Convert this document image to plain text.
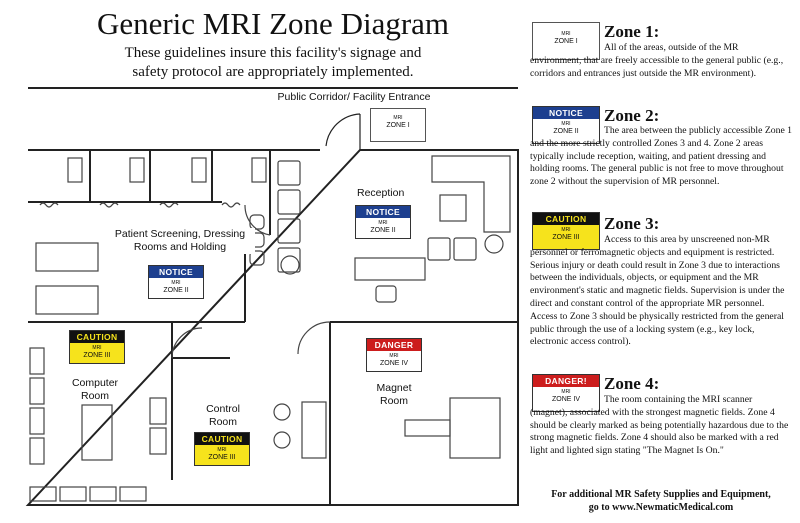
Generic MRI Zone Diagram
These guidelines insure this facility's signage and
safety protocol are appropriately implemented.
Public Corridor/ Facility Entrance
Reception
Patient Screening, Dressing
Rooms and Holding
Computer
Room
Control
Room
Magnet
Room
MRI
ZONE I
NOTICE
MRI
ZONE II
NOTICE
MRI
ZONE II
CAUTION
MRI
ZONE III
CAUTION
MRI
ZONE III
DANGER
MRI
ZONE IV
MRI
ZONE I
Zone 1:
All of the areas, outside of the MR environment, that are freely accessible to the general public (e.g., corridors and entrances just outside the MR environment).
NOTICE
MRI
ZONE II
Zone 2:
The area between the publicly accessible Zone 1 and the more strictly controlled Zones 3 and 4. Zone 2 areas typically include reception, waiting, and patient dressing and holding rooms. The general public is not free to move throughout zone 2 without the supervision of MR personnel.
CAUTION
MRI
ZONE III
Zone 3:
Access to this area by unscreened non-MR personnel or ferromagnetic objects and equipment is restricted. Serious injury or death could result in Zone 3 due to interactions between the individuals, objects, or equipment and the MR environment's static and magnetic fields. Supervision is under the direct and constant control of the appropriate MR personnel. Access to Zone 3 should be physically restricted from the general public through the use of a locking system (e.g., key lock, electronic access control).
DANGER!
MRI
ZONE IV
Zone 4:
The room containing the MRI scanner (magnet), associated with the strongest magnetic fields. Zone 4 should be clearly marked as being potentially hazardous due to the strong magnetic fields. Zone 4 should also be marked with a red light and lighted sign stating "The Magnet Is On."
For additional MR Safety Supplies and Equipment,
go to www.NewmaticMedical.com
